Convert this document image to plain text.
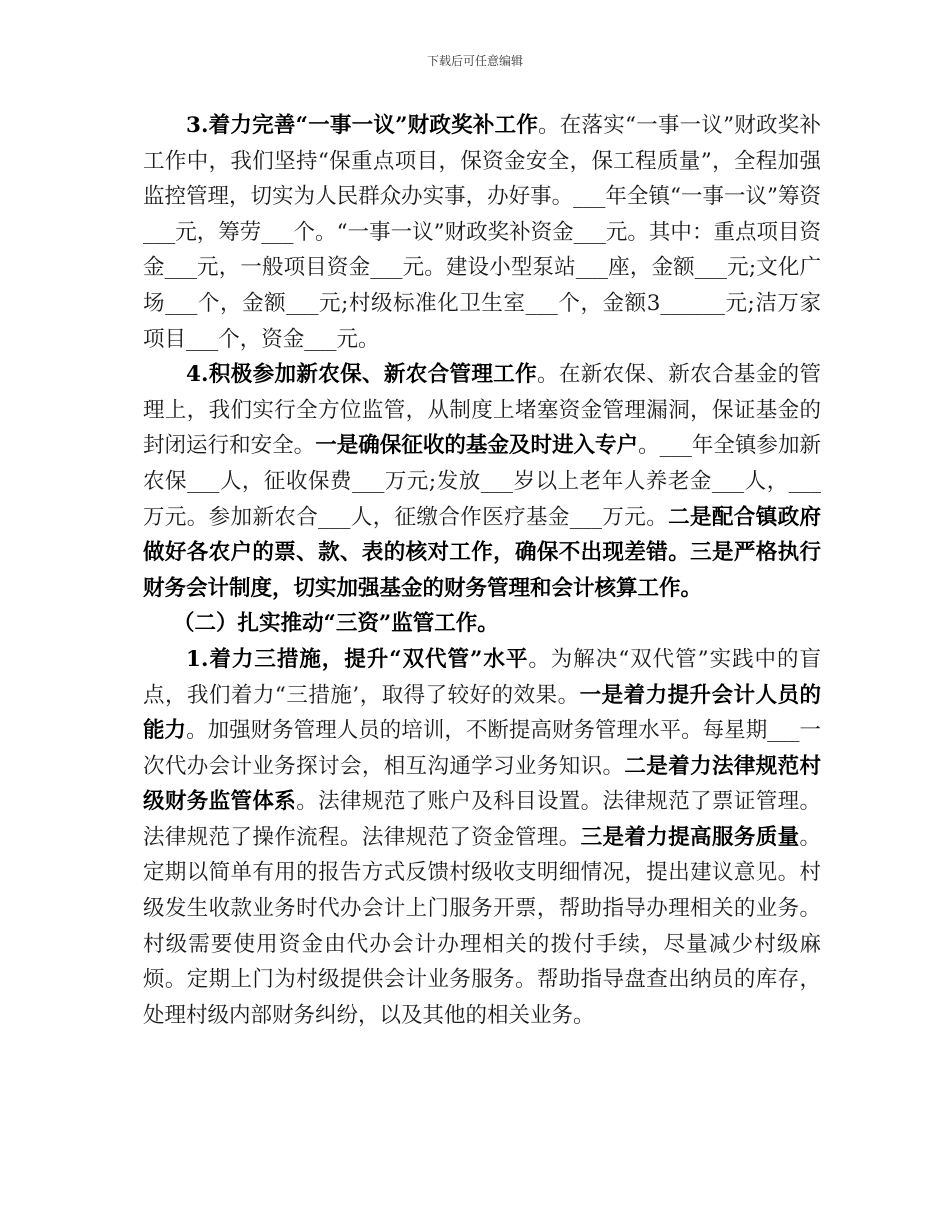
下载后可任意编辑

3.着力完善“一事一议”财政奖补工作。在落实“一事一议”财政奖补工作中，我们坚持“保重点项目，保资金安全，保工程质量”，全程加强监控管理，切实为人民群众办实事，办好事。___年全镇“一事一议”筹资___元，筹劳___个。“一事一议”财政奖补资金___元。其中：重点项目资金___元，一般项目资金___元。建设小型泵站___座，金额___元;文化广场___个，金额___元;村级标准化卫生室___个，金额3______元;洁万家项目___个，资金___元。

4.积极参加新农保、新农合管理工作。在新农保、新农合基金的管理上，我们实行全方位监管，从制度上堵塞资金管理漏洞，保证基金的封闭运行和安全。一是确保征收的基金及时进入专户。___年全镇参加新农保___人，征收保费___万元;发放___岁以上老年人养老金___人，___万元。参加新农合___人，征缴合作医疗基金___万元。二是配合镇政府做好各农户的票、款、表的核对工作，确保不出现差错。三是严格执行财务会计制度，切实加强基金的财务管理和会计核算工作。

（二）扎实推动“三资”监管工作。

1.着力三措施，提升“双代管”水平。为解决“双代管”实践中的盲点，我们着力“三措施’，取得了较好的效果。一是着力提升会计人员的能力。加强财务管理人员的培训，不断提高财务管理水平。每星期___一次代办会计业务探讨会，相互沟通学习业务知识。二是着力法律规范村级财务监管体系。法律规范了账户及科目设置。法律规范了票证管理。法律规范了操作流程。法律规范了资金管理。三是着力提高服务质量。定期以简单有用的报告方式反馈村级收支明细情况，提出建议意见。村级发生收款业务时代办会计上门服务开票，帮助指导办理相关的业务。村级需要使用资金由代办会计办理相关的拨付手续，尽量减少村级麻烦。定期上门为村级提供会计业务服务。帮助指导盘查出纳员的库存，处理村级内部财务纠纷，以及其他的相关业务。
